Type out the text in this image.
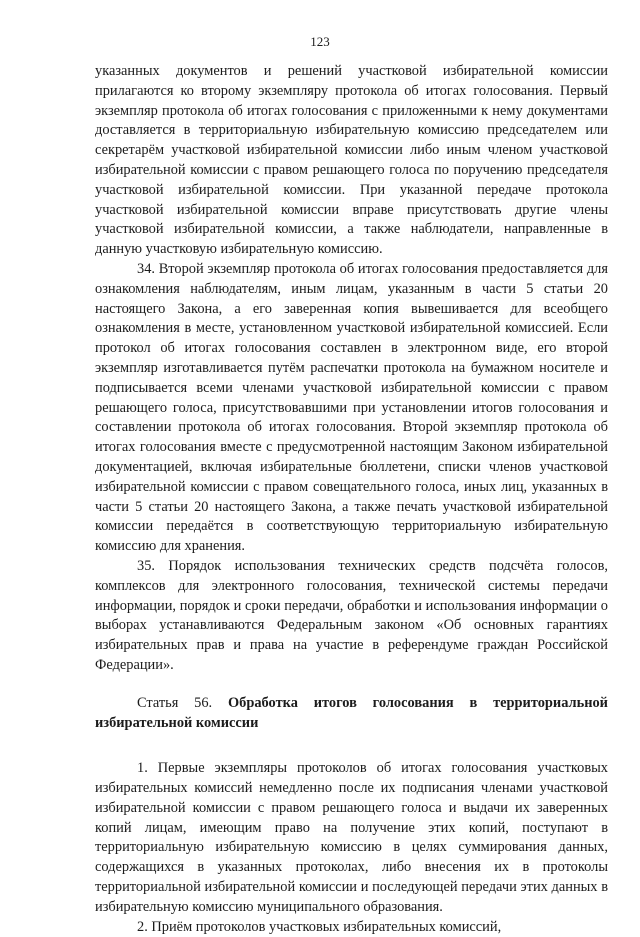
123

указанных документов и решений участковой избирательной комиссии прилагаются ко второму экземпляру протокола об итогах голосования. Первый экземпляр протокола об итогах голосования с приложенными к нему документами доставляется в территориальную избирательную комиссию председателем или секретарём участковой избирательной комиссии либо иным членом участковой избирательной комиссии с правом решающего голоса по поручению председателя участковой избирательной комиссии. При указанной передаче протокола участковой избирательной комиссии вправе присутствовать другие члены участковой избирательной комиссии, а также наблюдатели, направленные в данную участковую избирательную комиссию.

34. Второй экземпляр протокола об итогах голосования предоставляется для ознакомления наблюдателям, иным лицам, указанным в части 5 статьи 20 настоящего Закона, а его заверенная копия вывешивается для всеобщего ознакомления в месте, установленном участковой избирательной комиссией. Если протокол об итогах голосования составлен в электронном виде, его второй экземпляр изготавливается путём распечатки протокола на бумажном носителе и подписывается всеми членами участковой избирательной комиссии с правом решающего голоса, присутствовавшими при установлении итогов голосования и составлении протокола об итогах голосования. Второй экземпляр протокола об итогах голосования вместе с предусмотренной настоящим Законом избирательной документацией, включая избирательные бюллетени, списки членов участковой избирательной комиссии с правом совещательного голоса, иных лиц, указанных в части 5 статьи 20 настоящего Закона, а также печать участковой избирательной комиссии передаётся в соответствующую территориальную избирательную комиссию для хранения.

35. Порядок использования технических средств подсчёта голосов, комплексов для электронного голосования, технической системы передачи информации, порядок и сроки передачи, обработки и использования информации о выборах устанавливаются Федеральным законом «Об основных гарантиях избирательных прав и права на участие в референдуме граждан Российской Федерации».

Статья 56. Обработка итогов голосования в территориальной избирательной комиссии

1. Первые экземпляры протоколов об итогах голосования участковых избирательных комиссий немедленно после их подписания членами участковой избирательной комиссии с правом решающего голоса и выдачи их заверенных копий лицам, имеющим право на получение этих копий, поступают в территориальную избирательную комиссию в целях суммирования данных, содержащихся в указанных протоколах, либо внесения их в протоколы территориальной избирательной комиссии и последующей передачи этих данных в избирательную комиссию муниципального образования.

2. Приём протоколов участковых избирательных комиссий,
